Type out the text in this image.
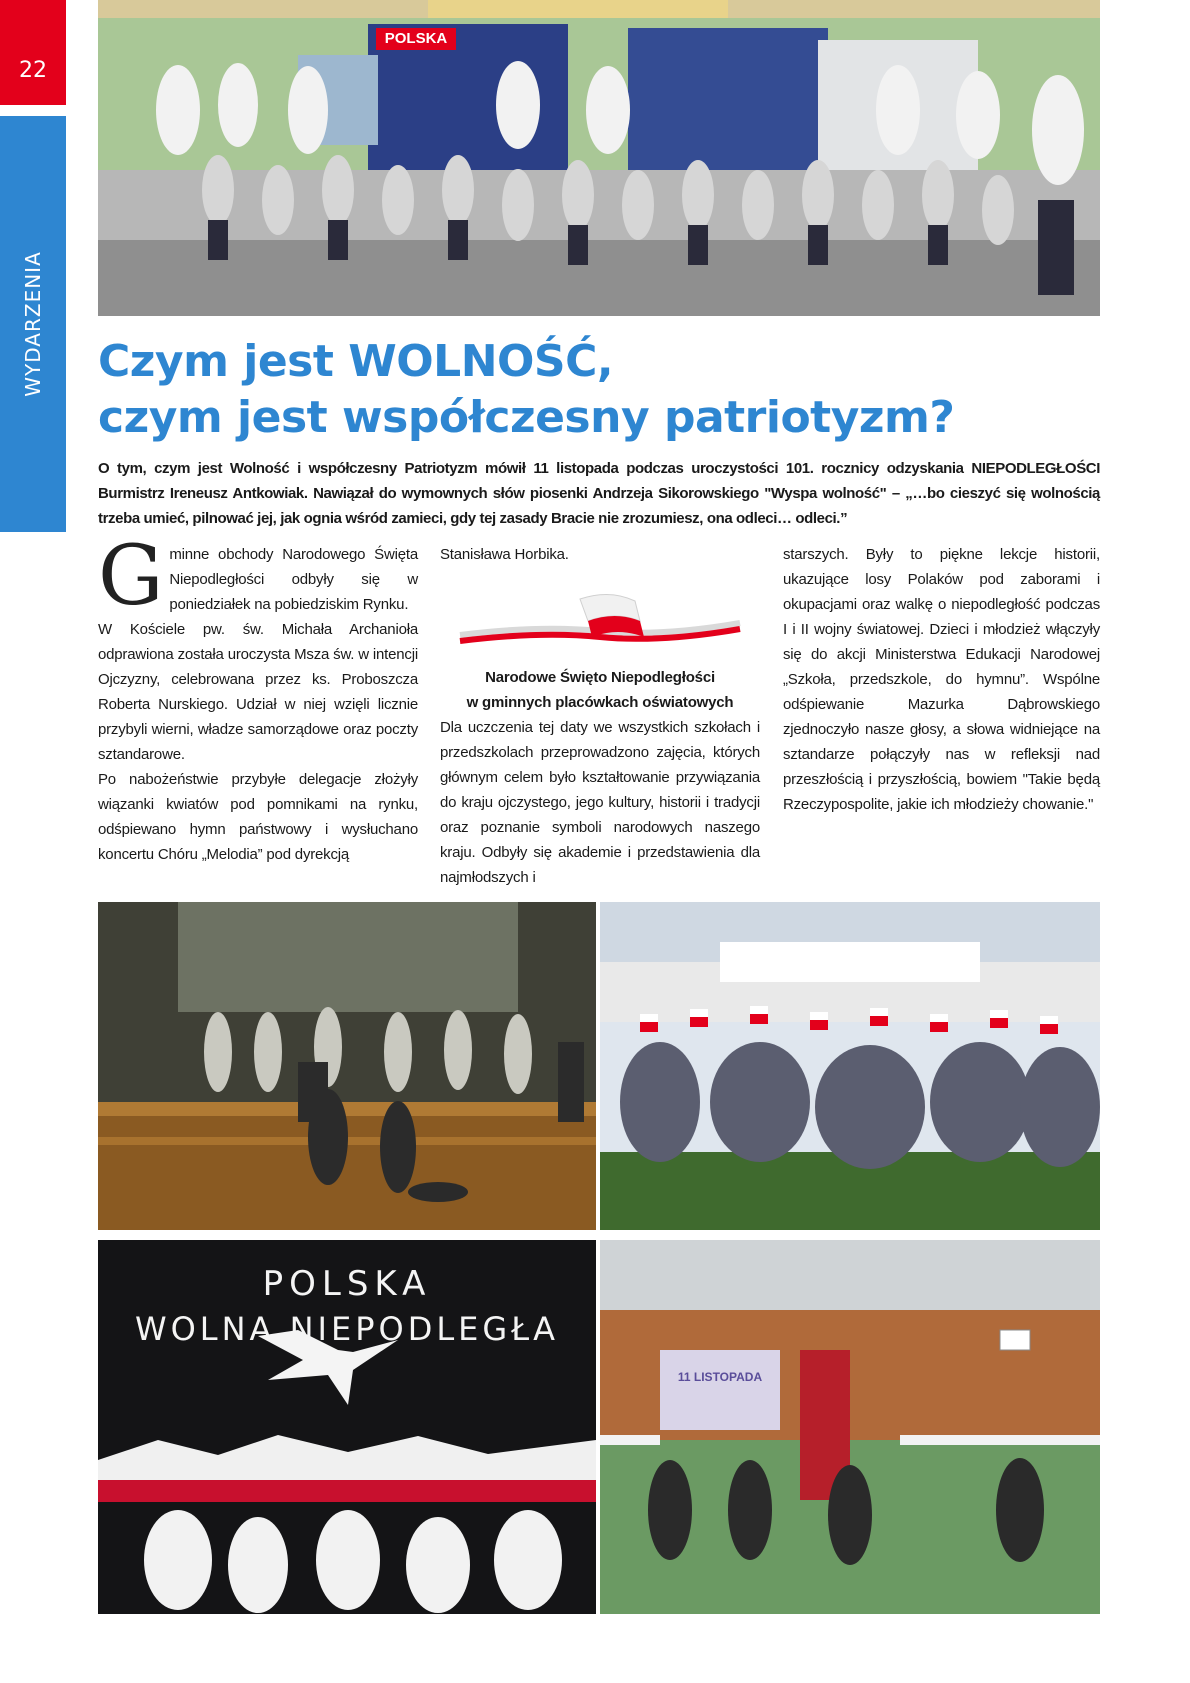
22
WYDARZENIA
POLSKA
Czym jest WOLNOŚĆ,
czym jest współczesny patriotyzm?

O tym, czym jest Wolność i współczesny Patriotyzm mówił 11 listopada podczas uroczystości 101. rocznicy odzyskania NIEPODLEGŁOŚCI Burmistrz Ireneusz Antkowiak. Nawiązał do wymownych słów piosenki Andrzeja Sikorowskiego "Wyspa wolność" – „…bo cieszyć się wolnością trzeba umieć, pilnować jej, jak ognia wśród zamieci, gdy tej zasady Bracie nie zrozumiesz, ona odleci… odleci.”

G minne obchody Narodowego Święta Niepodległości odbyły się w poniedziałek na pobiedziskim Rynku.

W Kościele pw. św. Michała Archanioła odprawiona została uroczysta Msza św. w intencji Ojczyzny, celebrowana przez ks. Proboszcza Roberta Nurskiego. Udział w niej wzięli licznie przybyli wierni, władze samorządowe oraz poczty sztandarowe.

Po nabożeństwie przybyłe delegacje złożyły wiązanki kwiatów pod pomnikami na rynku, odśpiewano hymn państwowy i wysłuchano koncertu Chóru „Melodia” pod dyrekcją

Stanisława Horbika.

Narodowe Święto Niepodległości

w gminnych placówkach oświatowych

Dla uczczenia tej daty we wszystkich szkołach i przedszkolach przeprowadzono zajęcia, których głównym celem było kształtowanie przywiązania do kraju ojczystego, jego kultury, historii i tradycji oraz poznanie symboli narodowych naszego kraju. Odbyły się akademie i przedstawienia dla najmłodszych i

starszych. Były to piękne lekcje historii, ukazujące losy Polaków pod zaborami i okupacjami oraz walkę o niepodległość podczas I i II wojny światowej. Dzieci i młodzież włączyły się do akcji Ministerstwa Edukacji Narodowej „Szkoła, przedszkole, do hymnu”. Wspólne odśpiewanie Mazurka Dąbrowskiego zjednoczyło nasze głosy, a słowa widniejące na sztandarze połączyły nas w refleksji nad przeszłością i przyszłością, bowiem "Takie będą Rzeczypospolite, jakie ich młodzieży chowanie."

POLSKA
WOLNA NIEPODLEGŁA
11 LISTOPADA
